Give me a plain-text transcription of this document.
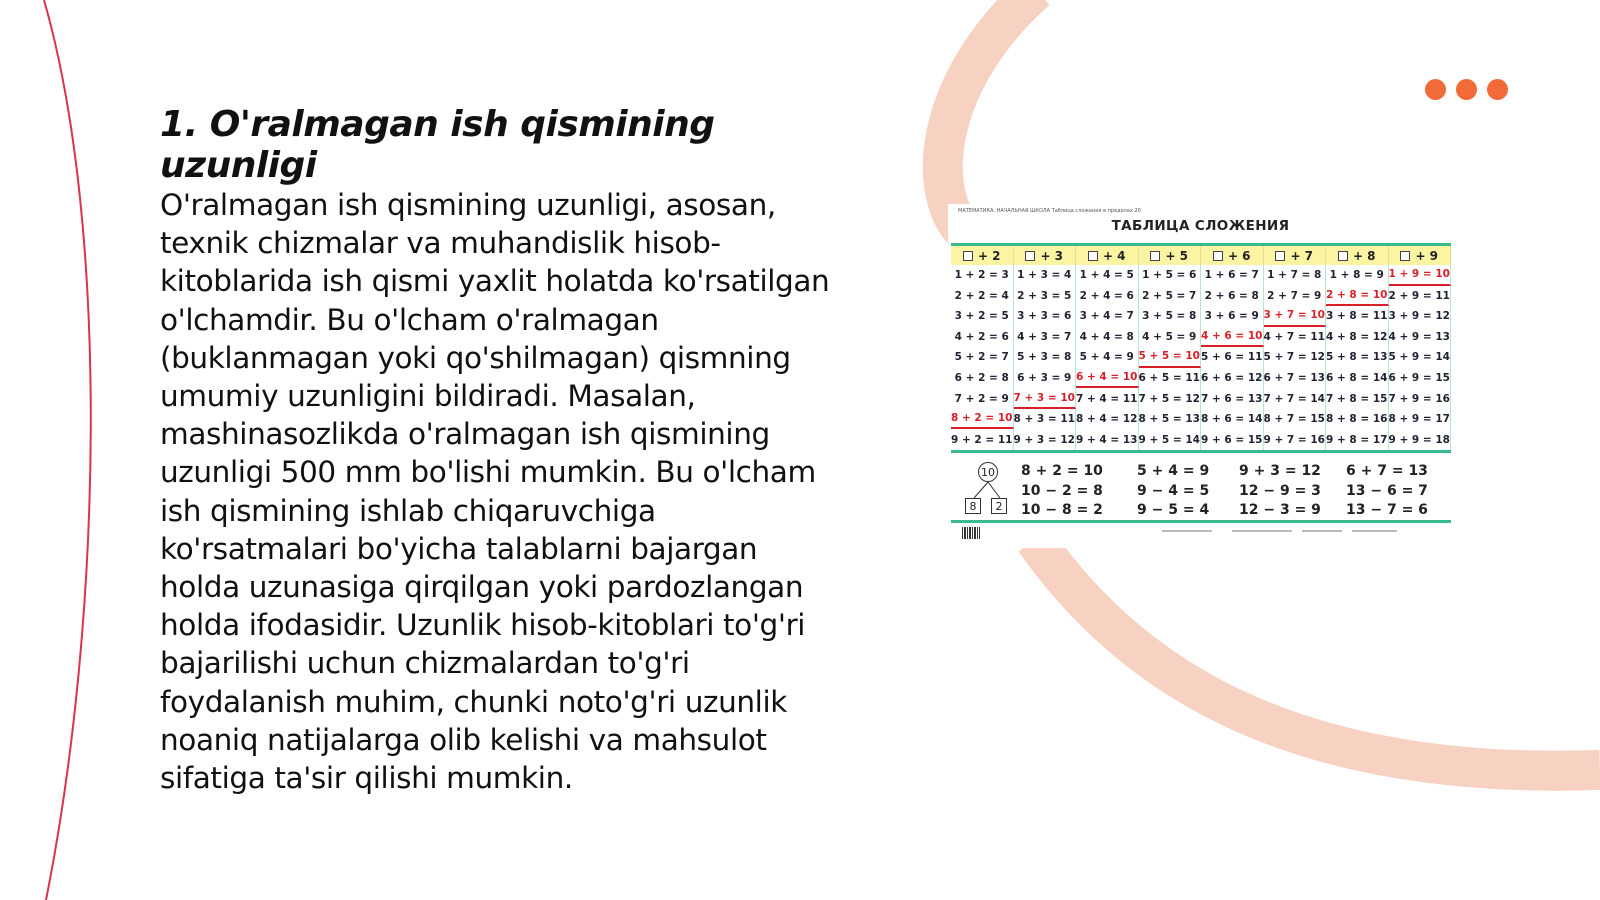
1. O'ralmagan ish qismining uzunligi

O'ralmagan ish qismining uzunligi, asosan, texnik chizmalar va muhandislik hisob-kitoblarida ish qismi yaxlit holatda ko'rsatilgan o'lchamdir. Bu o'lcham o'ralmagan (buklanmagan yoki qo'shilmagan) qismning umumiy uzunligini bildiradi. Masalan, mashinasozlikda o'ralmagan ish qismining uzunligi 500 mm bo'lishi mumkin. Bu o'lcham ish qismining ishlab chiqaruvchiga ko'rsatmalari bo'yicha talablarni bajargan holda uzunasiga qirqilgan yoki pardozlangan holda ifodasidir. Uzunlik hisob-kitoblari to'g'ri bajarilishi uchun chizmalardan to'g'ri foydalanish muhim, chunki noto'g'ri uzunlik noaniq natijalarga olib kelishi va mahsulot sifatiga ta'sir qilishi mumkin.

МАТЕМАТИКА. НАЧАЛЬНАЯ ШКОЛА Таблица сложения в пределах 20
ТАБЛИЦА СЛОЖЕНИЯ
+ 2	+ 3	+ 4	+ 5	+ 6	+ 7	+ 8	+ 9
1 + 2 = 3 1 + 3 = 4 1 + 4 = 5 1 + 5 = 6 1 + 6 = 7 1 + 7 = 8 1 + 8 = 9 1 + 9 = 10
2 + 2 = 4 2 + 3 = 5 2 + 4 = 6 2 + 5 = 7 2 + 6 = 8 2 + 7 = 9 2 + 8 = 10 2 + 9 = 11
3 + 2 = 5 3 + 3 = 6 3 + 4 = 7 3 + 5 = 8 3 + 6 = 9 3 + 7 = 10 3 + 8 = 11 3 + 9 = 12
4 + 2 = 6 4 + 3 = 7 4 + 4 = 8 4 + 5 = 9 4 + 6 = 10 4 + 7 = 11 4 + 8 = 12 4 + 9 = 13
5 + 2 = 7 5 + 3 = 8 5 + 4 = 9 5 + 5 = 10 5 + 6 = 11 5 + 7 = 12 5 + 8 = 13 5 + 9 = 14
6 + 2 = 8 6 + 3 = 9 6 + 4 = 10 6 + 5 = 11 6 + 6 = 12 6 + 7 = 13 6 + 8 = 14 6 + 9 = 15
7 + 2 = 9 7 + 3 = 10 7 + 4 = 11 7 + 5 = 12 7 + 6 = 13 7 + 7 = 14 7 + 8 = 15 7 + 9 = 16
8 + 2 = 10 8 + 3 = 11 8 + 4 = 12 8 + 5 = 13 8 + 6 = 14 8 + 7 = 15 8 + 8 = 16 8 + 9 = 17
9 + 2 = 11 9 + 3 = 12 9 + 4 = 13 9 + 5 = 14 9 + 6 = 15 9 + 7 = 16 9 + 8 = 17 9 + 9 = 18
10
8	2
8 + 2 = 10
10 − 2 = 8
10 − 8 = 2
5 + 4 = 9
9 − 4 = 5
9 − 5 = 4
9 + 3 = 12
12 − 9 = 3
12 − 3 = 9
6 + 7 = 13
13 − 6 = 7
13 − 7 = 6
